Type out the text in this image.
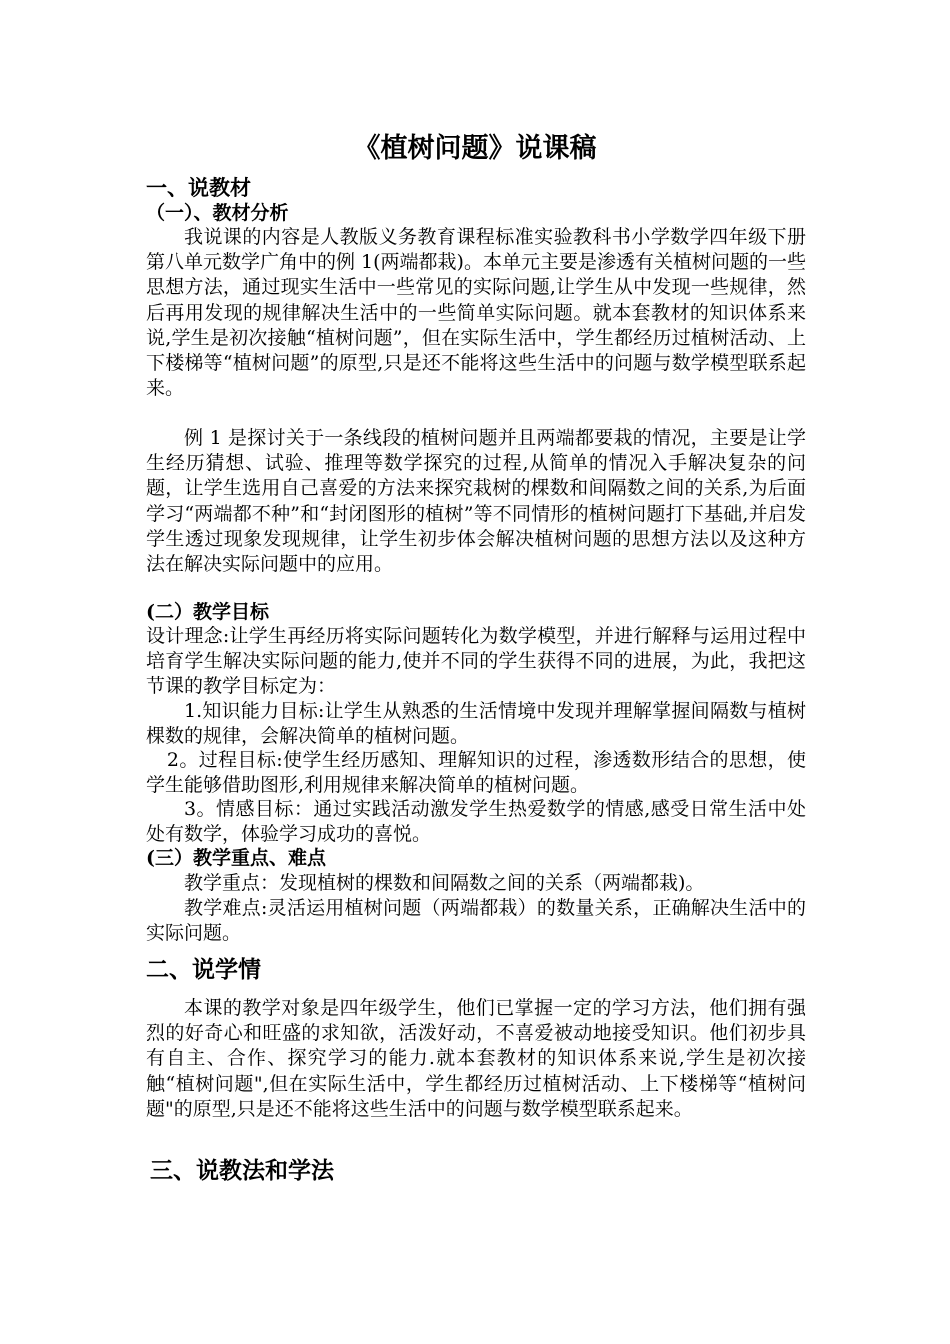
《植树问题》说课稿
一、说教材
（一）、教材分析
我说课的内容是人教版义务教育课程标准实验教科书小学数学四年级下册第八单元数学广角中的例 1(两端都栽)。本单元主要是渗透有关植树问题的一些思想方法，通过现实生活中一些常见的实际问题,让学生从中发现一些规律，然后再用发现的规律解决生活中的一些简单实际问题。就本套教材的知识体系来说,学生是初次接触“植树问题”，但在实际生活中，学生都经历过植树活动、上下楼梯等“植树问题”的原型,只是还不能将这些生活中的问题与数学模型联系起来。
例 1 是探讨关于一条线段的植树问题并且两端都要栽的情况，主要是让学生经历猜想、试验、推理等数学探究的过程,从简单的情况入手解决复杂的问题，让学生选用自己喜爱的方法来探究栽树的棵数和间隔数之间的关系,为后面学习“两端都不种”和“封闭图形的植树”等不同情形的植树问题打下基础,并启发学生透过现象发现规律，让学生初步体会解决植树问题的思想方法以及这种方法在解决实际问题中的应用。
(二）教学目标
设计理念:让学生再经历将实际问题转化为数学模型，并进行解释与运用过程中培育学生解决实际问题的能力,使并不同的学生获得不同的进展，为此，我把这节课的教学目标定为：
1.知识能力目标:让学生从熟悉的生活情境中发现并理解掌握间隔数与植树棵数的规律，会解决简单的植树问题。
2。过程目标:使学生经历感知、理解知识的过程，渗透数形结合的思想，使学生能够借助图形,利用规律来解决简单的植树问题。
3。情感目标：通过实践活动激发学生热爱数学的情感,感受日常生活中处处有数学，体验学习成功的喜悦。
(三）教学重点、难点
教学重点：发现植树的棵数和间隔数之间的关系（两端都栽)。
教学难点:灵活运用植树问题（两端都栽）的数量关系，正确解决生活中的实际问题。
二、说学情
本课的教学对象是四年级学生，他们已掌握一定的学习方法，他们拥有强烈的好奇心和旺盛的求知欲，活泼好动，不喜爱被动地接受知识。他们初步具有自主、合作、探究学习的能力.就本套教材的知识体系来说,学生是初次接触“植树问题",但在实际生活中，学生都经历过植树活动、上下楼梯等“植树问题"的原型,只是还不能将这些生活中的问题与数学模型联系起来。
三、说教法和学法
